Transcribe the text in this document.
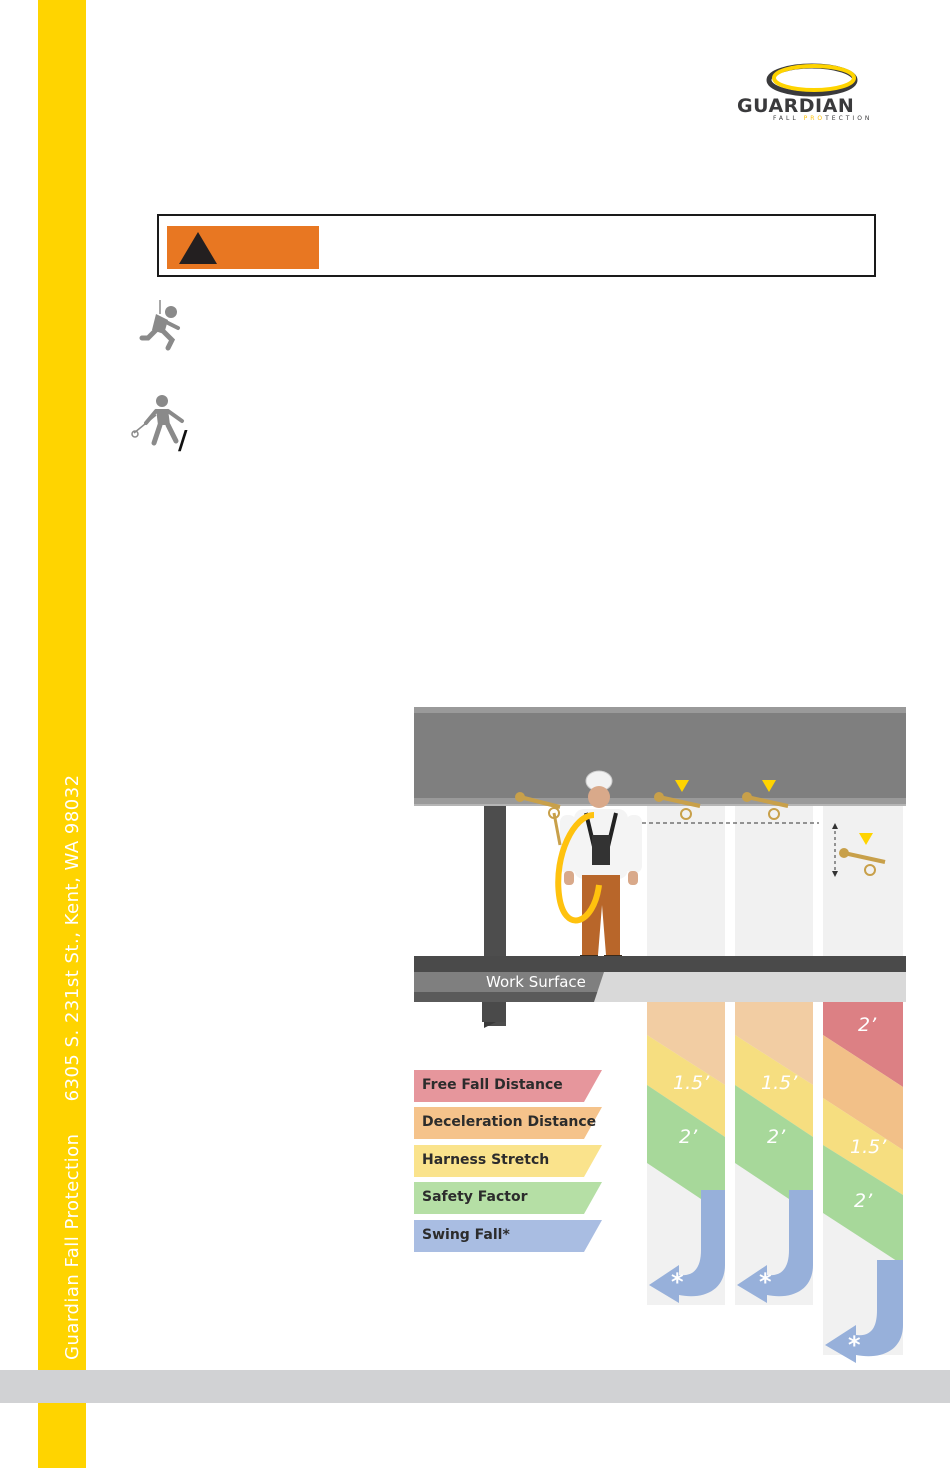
Guardian Fall Protection6305 S. 231st St., Kent, WA 98032
GUARDIAN
FALL PROTECTION
/
Work Surface
1.5’
2’
*
1.5’
2’
*
2’
1.5’
2’
*
Free Fall Distance
Deceleration Distance
Harness Stretch
Safety Factor
Swing Fall*
